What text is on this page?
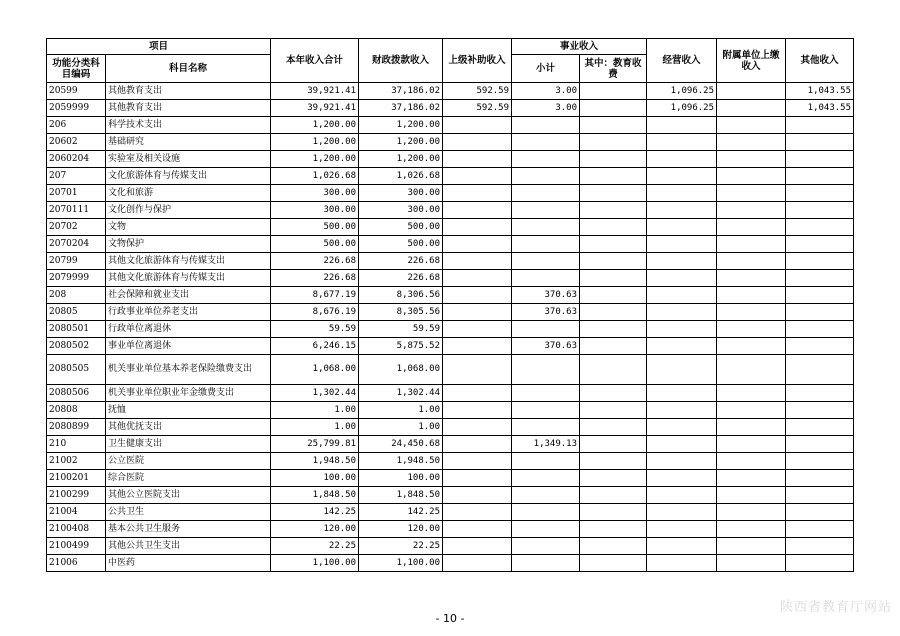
项目		本年收入合计	财政拨款收入	上级补助收入	事业收入		经营收入	附属单位上缴收入	其他收入
功能分类科目编码	科目名称				小计	其中：教育收费			
20599	其他教育支出	39,921.41	37,186.02	592.59	3.00		1,096.25		1,043.55
2059999	其他教育支出	39,921.41	37,186.02	592.59	3.00		1,096.25		1,043.55
206	科学技术支出	1,200.00	1,200.00						
20602	基础研究	1,200.00	1,200.00						
2060204	实验室及相关设施	1,200.00	1,200.00						
207	文化旅游体育与传媒支出	1,026.68	1,026.68						
20701	文化和旅游	300.00	300.00						
2070111	文化创作与保护	300.00	300.00						
20702	文物	500.00	500.00						
2070204	文物保护	500.00	500.00						
20799	其他文化旅游体育与传媒支出	226.68	226.68						
2079999	其他文化旅游体育与传媒支出	226.68	226.68						
208	社会保障和就业支出	8,677.19	8,306.56		370.63				
20805	行政事业单位养老支出	8,676.19	8,305.56		370.63				
2080501	行政单位离退休	59.59	59.59						
2080502	事业单位离退休	6,246.15	5,875.52		370.63				
2080505	机关事业单位基本养老保险缴费支出	1,068.00	1,068.00						
2080506	机关事业单位职业年金缴费支出	1,302.44	1,302.44						
20808	抚恤	1.00	1.00						
2080899	其他优抚支出	1.00	1.00						
210	卫生健康支出	25,799.81	24,450.68		1,349.13				
21002	公立医院	1,948.50	1,948.50						
2100201	综合医院	100.00	100.00						
2100299	其他公立医院支出	1,848.50	1,848.50						
21004	公共卫生	142.25	142.25						
2100408	基本公共卫生服务	120.00	120.00						
2100499	其他公共卫生支出	22.25	22.25						
21006	中医药	1,100.00	1,100.00						
- 10 -
陕西省教育厅网站
